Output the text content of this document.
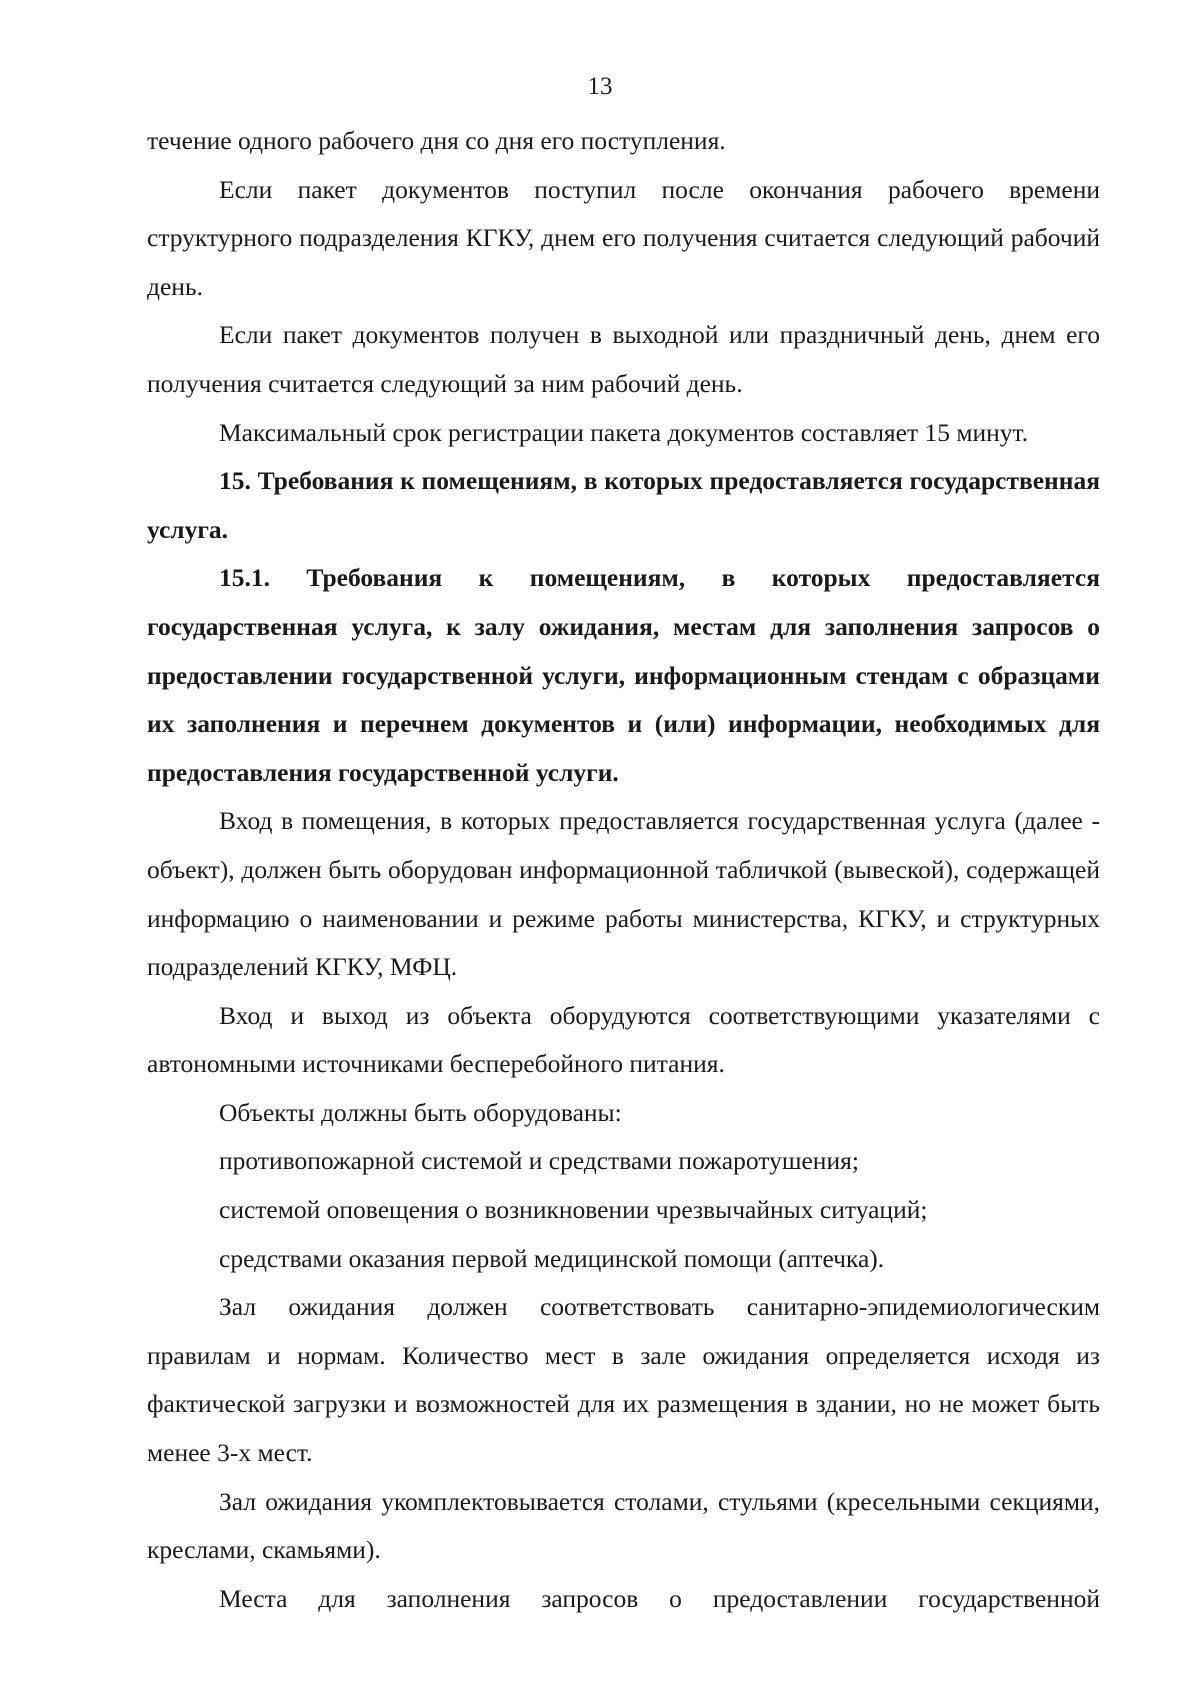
13

течение одного рабочего дня со дня его поступления.

Если пакет документов поступил после окончания рабочего времени структурного подразделения КГКУ, днем его получения считается следующий рабочий день.

Если пакет документов получен в выходной или праздничный день, днем его получения считается следующий за ним рабочий день.

Максимальный срок регистрации пакета документов составляет 15 минут.

15. Требования к помещениям, в которых предоставляется государственная услуга.

15.1. Требования к помещениям, в которых предоставляется государственная услуга, к залу ожидания, местам для заполнения запросов о предоставлении государственной услуги, информационным стендам с образцами их заполнения и перечнем документов и (или) информации, необходимых для предоставления государственной услуги.

Вход в помещения, в которых предоставляется государственная услуга (далее - объект), должен быть оборудован информационной табличкой (вывеской), содержащей информацию о наименовании и режиме работы министерства, КГКУ, и структурных подразделений КГКУ, МФЦ.

Вход и выход из объекта оборудуются соответствующими указателями с автономными источниками бесперебойного питания.

Объекты должны быть оборудованы:

противопожарной системой и средствами пожаротушения;

системой оповещения о возникновении чрезвычайных ситуаций;

средствами оказания первой медицинской помощи (аптечка).

Зал ожидания должен соответствовать санитарно-эпидемиологическим правилам и нормам. Количество мест в зале ожидания определяется исходя из фактической загрузки и возможностей для их размещения в здании, но не может быть менее 3-х мест.

Зал ожидания укомплектовывается столами, стульями (кресельными секциями, креслами, скамьями).

Места для заполнения запросов о предоставлении государственной
